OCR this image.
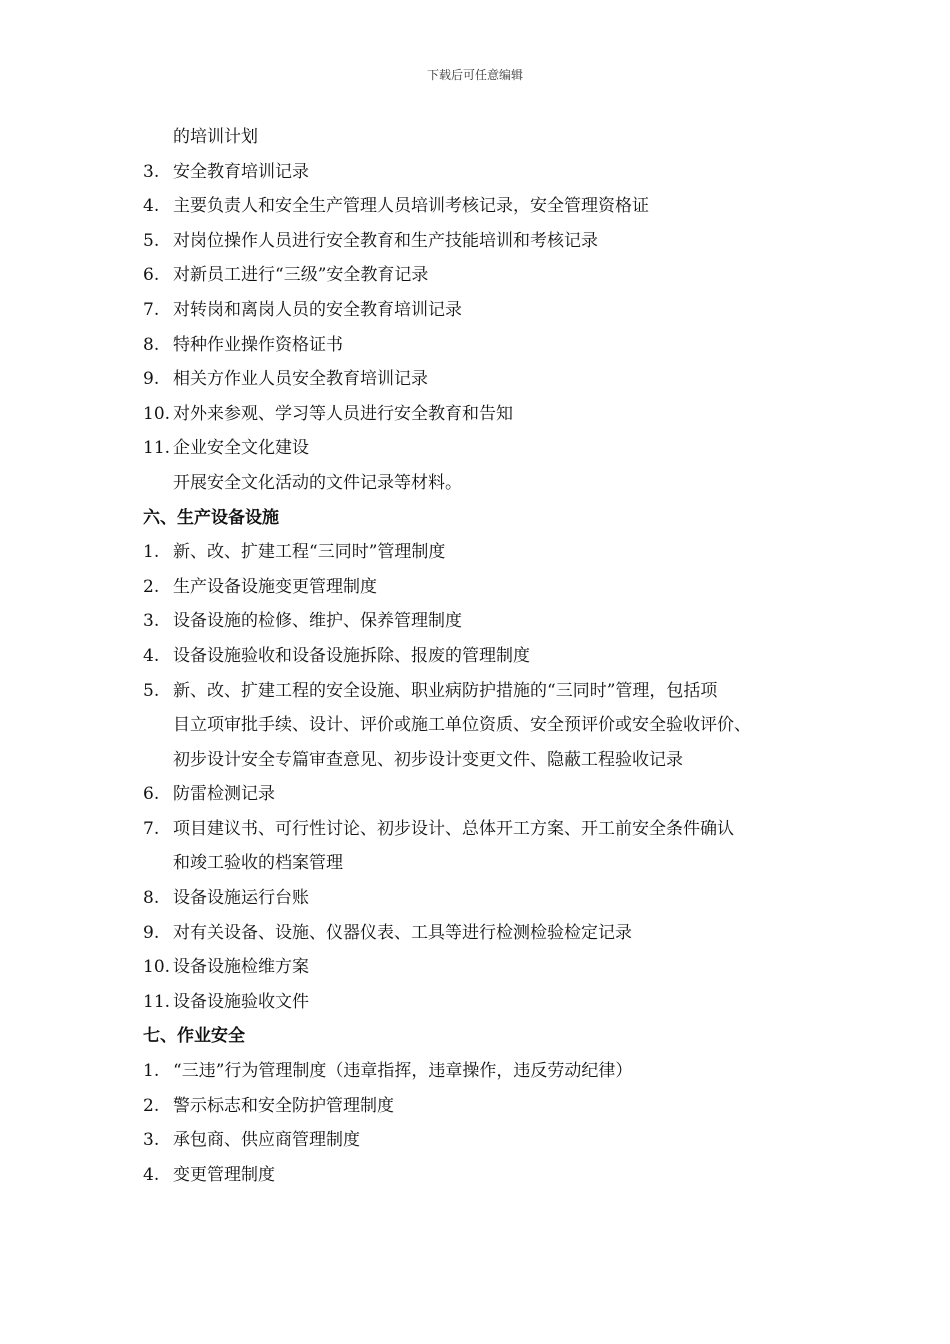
下载后可任意编辑
的培训计划
3. 安全教育培训记录
4. 主要负责人和安全生产管理人员培训考核记录，安全管理资格证
5. 对岗位操作人员进行安全教育和生产技能培训和考核记录
6. 对新员工进行“三级”安全教育记录
7. 对转岗和离岗人员的安全教育培训记录
8. 特种作业操作资格证书
9. 相关方作业人员安全教育培训记录
10. 对外来参观、学习等人员进行安全教育和告知
11. 企业安全文化建设
开展安全文化活动的文件记录等材料。
六、生产设备设施
1. 新、改、扩建工程“三同时”管理制度
2. 生产设备设施变更管理制度
3. 设备设施的检修、维护、保养管理制度
4. 设备设施验收和设备设施拆除、报废的管理制度
5. 新、改、扩建工程的安全设施、职业病防护措施的“三同时”管理，包括项
目立项审批手续、设计、评价或施工单位资质、安全预评价或安全验收评价、
初步设计安全专篇审查意见、初步设计变更文件、隐蔽工程验收记录
6. 防雷检测记录
7. 项目建议书、可行性讨论、初步设计、总体开工方案、开工前安全条件确认
和竣工验收的档案管理
8. 设备设施运行台账
9. 对有关设备、设施、仪器仪表、工具等进行检测检验检定记录
10. 设备设施检维方案
11. 设备设施验收文件
七、作业安全
1. “三违”行为管理制度（违章指挥，违章操作，违反劳动纪律）
2. 警示标志和安全防护管理制度
3. 承包商、供应商管理制度
4. 变更管理制度
